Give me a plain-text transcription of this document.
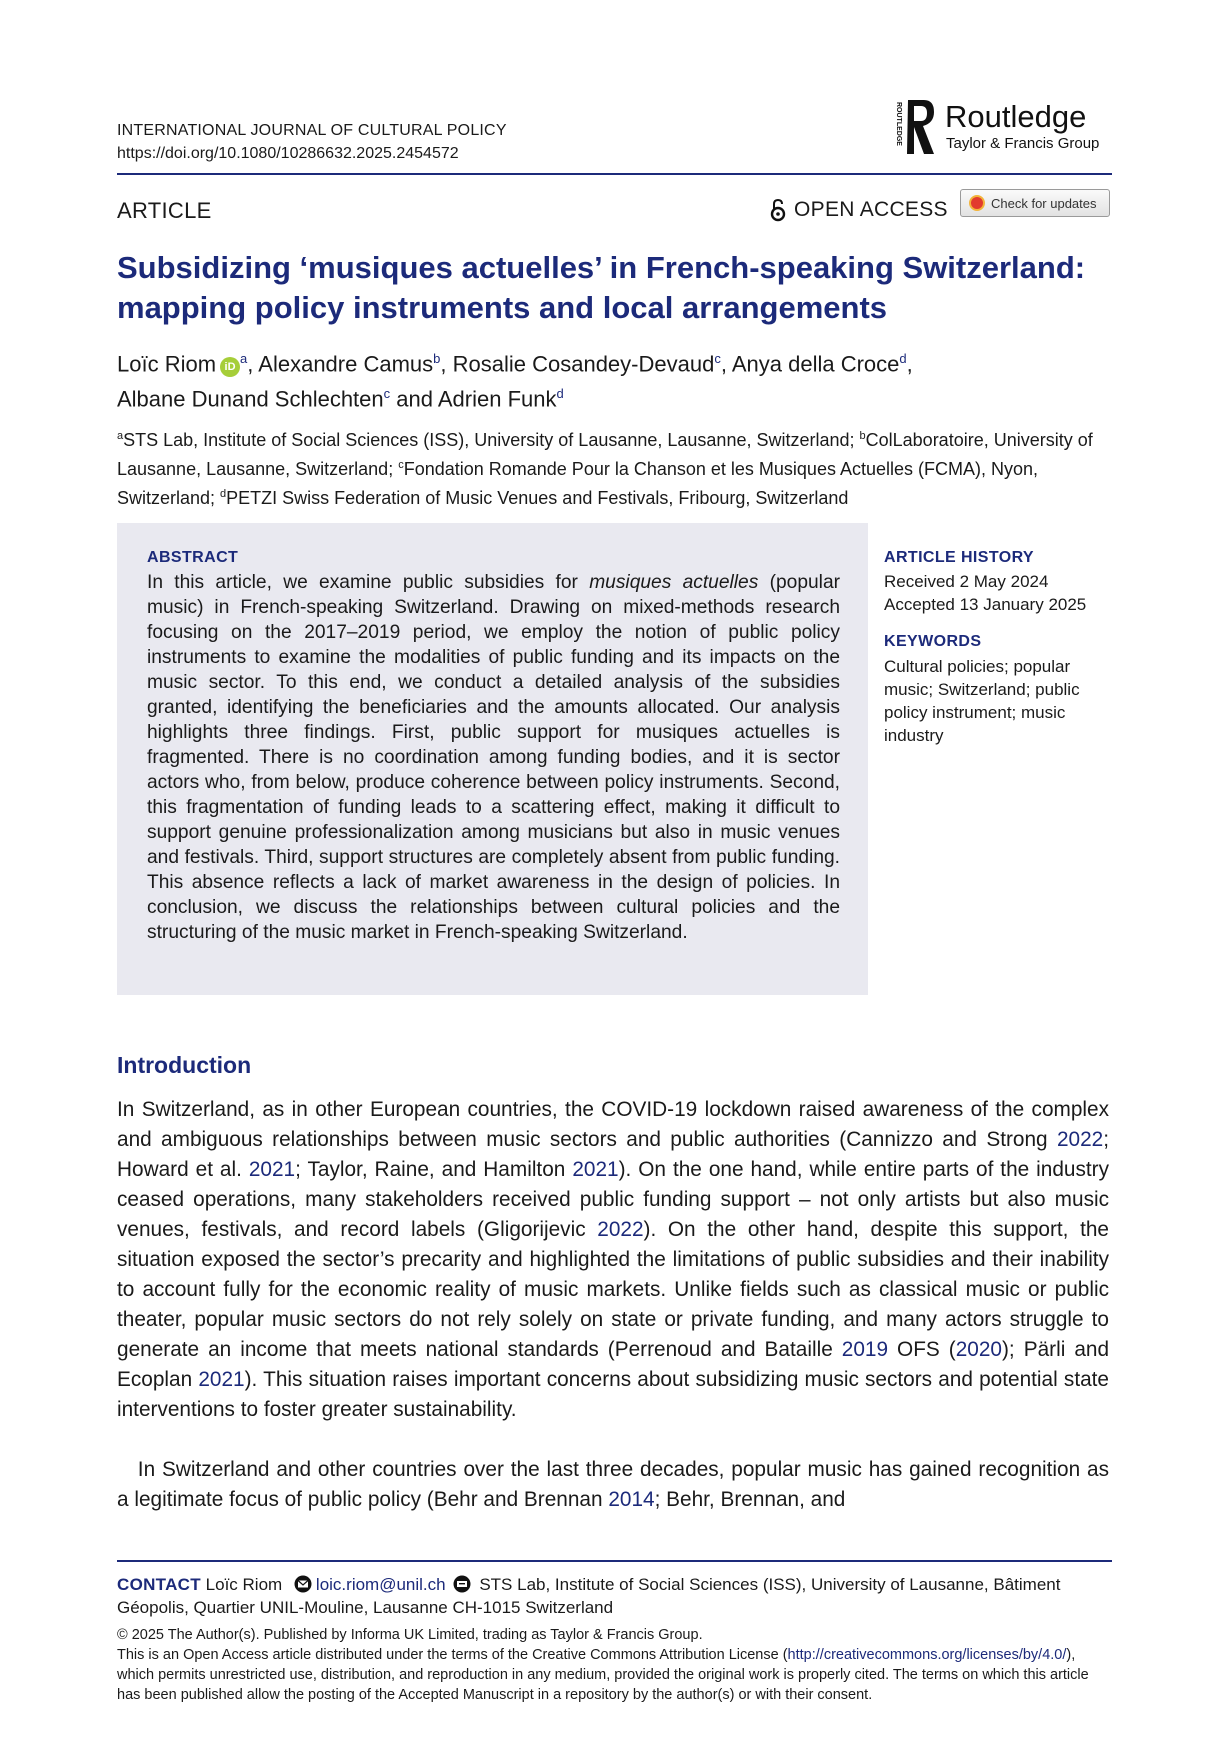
INTERNATIONAL JOURNAL OF CULTURAL POLICY
https://doi.org/10.1080/10286632.2025.2454572
ROUTLEDGE Routledge
Taylor & Francis Group
ARTICLE	OPEN ACCESS	Check for updates
Subsidizing ‘musiques actuelles’ in French-speaking Switzerland:
mapping policy instruments and local arrangements
Loïc Riom $iD^a$, Alexandre Camus$^b$, Rosalie Cosandey-Devaud$^c$, Anya della Croce$^d$,
Albane Dunand Schlechten$^c$ and Adrien Funk$^d$
$^a$STS Lab, Institute of Social Sciences (ISS), University of Lausanne, Lausanne, Switzerland; $^b$ColLaboratoire, University of Lausanne, Lausanne, Switzerland; $^c$Fondation Romande Pour la Chanson et les Musiques Actuelles (FCMA), Nyon, Switzerland; $^d$PETZI Swiss Federation of Music Venues and Festivals, Fribourg, Switzerland
ABSTRACT
In this article, we examine public subsidies for musiques actuelles (popular music) in French-speaking Switzerland. Drawing on mixed-methods research focusing on the 2017–2019 period, we employ the notion of public policy instruments to examine the modalities of public funding and its impacts on the music sector. To this end, we conduct a detailed analysis of the subsidies granted, identifying the beneficiaries and the amounts allocated. Our analysis highlights three findings. First, public support for musiques actuelles is fragmented. There is no coordination among funding bodies, and it is sector actors who, from below, produce coherence between policy instruments. Second, this fragmentation of funding leads to a scattering effect, making it difficult to support genuine professionalization among musicians but also in music venues and festivals. Third, support structures are completely absent from public funding. This absence reflects a lack of market awareness in the design of policies. In conclusion, we discuss the relationships between cultural policies and the structuring of the music market in French-speaking Switzerland.
ARTICLE HISTORY
Received 2 May 2024
Accepted 13 January 2025
KEYWORDS
Cultural policies; popular music; Switzerland; public policy instrument; music industry
Introduction
In Switzerland, as in other European countries, the COVID-19 lockdown raised awareness of the complex and ambiguous relationships between music sectors and public authorities (Cannizzo and Strong 2022; Howard et al. 2021; Taylor, Raine, and Hamilton 2021). On the one hand, while entire parts of the industry ceased operations, many stakeholders received public funding support – not only artists but also music venues, festivals, and record labels (Gligorijevic 2022). On the other hand, despite this support, the situation exposed the sector’s precarity and highlighted the limitations of public subsidies and their inability to account fully for the economic reality of music markets. Unlike fields such as classical music or public theater, popular music sectors do not rely solely on state or private funding, and many actors struggle to generate an income that meets national standards (Perrenoud and Bataille 2019 OFS (2020); Pärli and Ecoplan 2021). This situation raises important concerns about subsidizing music sectors and potential state interventions to foster greater sustainability.
 In Switzerland and other countries over the last three decades, popular music has gained recognition as a legitimate focus of public policy (Behr and Brennan 2014; Behr, Brennan, and
CONTACT Loïc Riom loic.riom@unil.ch STS Lab, Institute of Social Sciences (ISS), University of Lausanne, Bâtiment Géopolis, Quartier UNIL-Mouline, Lausanne CH-1015 Switzerland
© 2025 The Author(s). Published by Informa UK Limited, trading as Taylor & Francis Group.
This is an Open Access article distributed under the terms of the Creative Commons Attribution License (http://creativecommons.org/licenses/by/4.0/), which permits unrestricted use, distribution, and reproduction in any medium, provided the original work is properly cited. The terms on which this article has been published allow the posting of the Accepted Manuscript in a repository by the author(s) or with their consent.
